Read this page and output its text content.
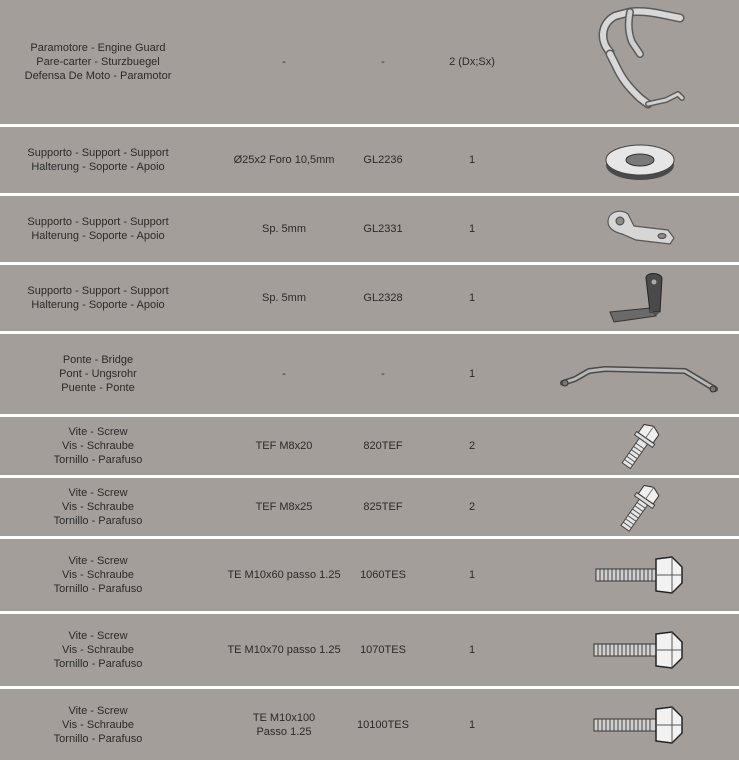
Paramotore - Engine Guard
Pare-carter - Sturzbuegel
Defensa De Moto - Paramotor
-	-	2 (Dx;Sx)
Supporto - Support - Support
Halterung - Soporte - Apoio
Ø25x2 Foro 10,5mm	GL2236	1
Supporto - Support - Support
Halterung - Soporte - Apoio
Sp. 5mm	GL2331	1
Supporto - Support - Support
Halterung - Soporte - Apoio
Sp. 5mm	GL2328	1
Ponte - Bridge
Pont - Ungsrohr
Puente - Ponte
-	-	1
Vite - Screw
Vis - Schraube
Tornillo - Parafuso
TEF M8x20	820TEF	2
Vite - Screw
Vis - Schraube
Tornillo - Parafuso
TEF M8x25	825TEF	2
Vite - Screw
Vis - Schraube
Tornillo - Parafuso
TE M10x60 passo 1.25	1060TES	1
Vite - Screw
Vis - Schraube
Tornillo - Parafuso
TE M10x70 passo 1.25	1070TES	1
Vite - Screw
Vis - Schraube
Tornillo - Parafuso
TE M10x100
Passo 1.25
10100TES	1
